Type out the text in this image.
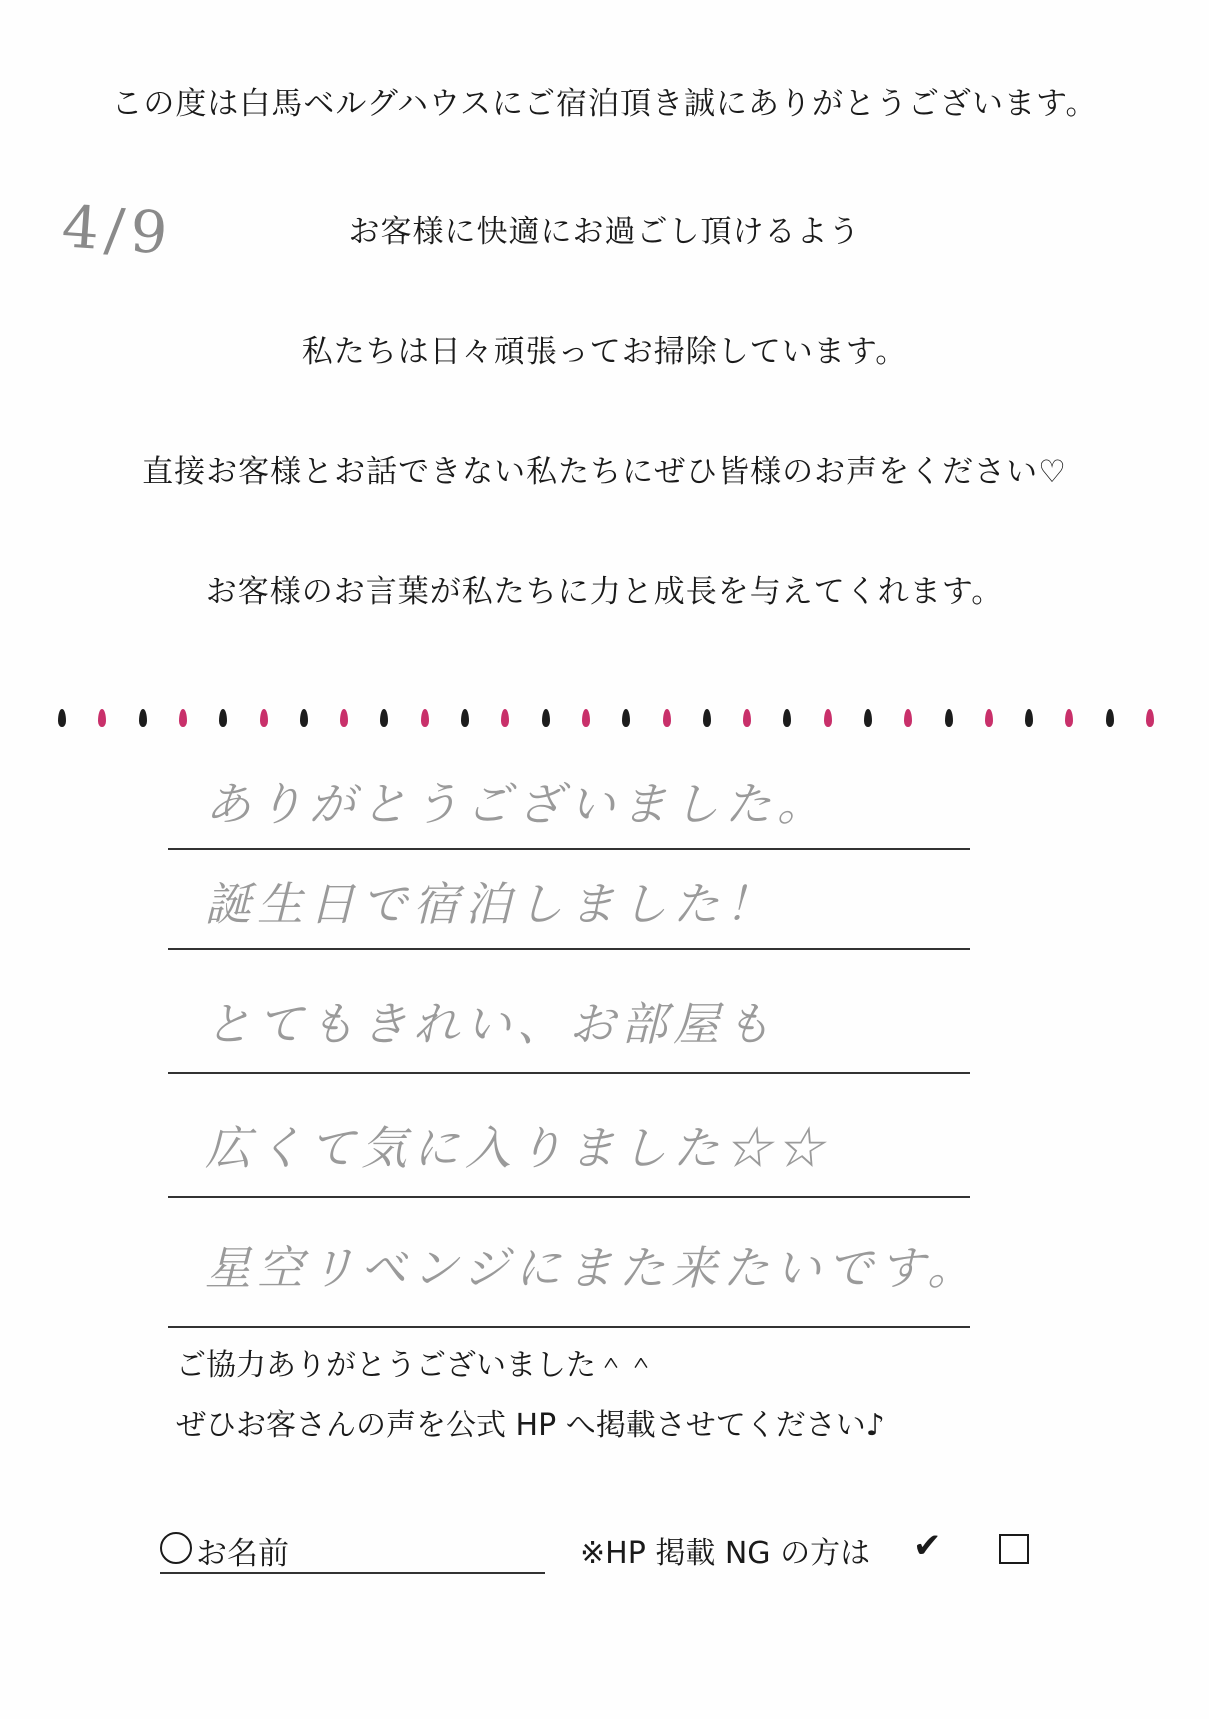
4/9
この度は白馬ベルグハウスにご宿泊頂き誠にありがとうございます。
お客様に快適にお過ごし頂けるよう
私たちは日々頑張ってお掃除しています。
直接お客様とお話できない私たちにぜひ皆様のお声をください♡
お客様のお言葉が私たちに力と成長を与えてくれます。
ありがとうございました。
誕生日で宿泊しました！
とてもきれい、お部屋も
広くて気に入りました☆☆
星空リベンジにまた来たいです。
ご協力ありがとうございました＾＾
ぜひお客さんの声を公式 HP へ掲載させてください♪
お名前	※HP 掲載 NG の方は ✔
